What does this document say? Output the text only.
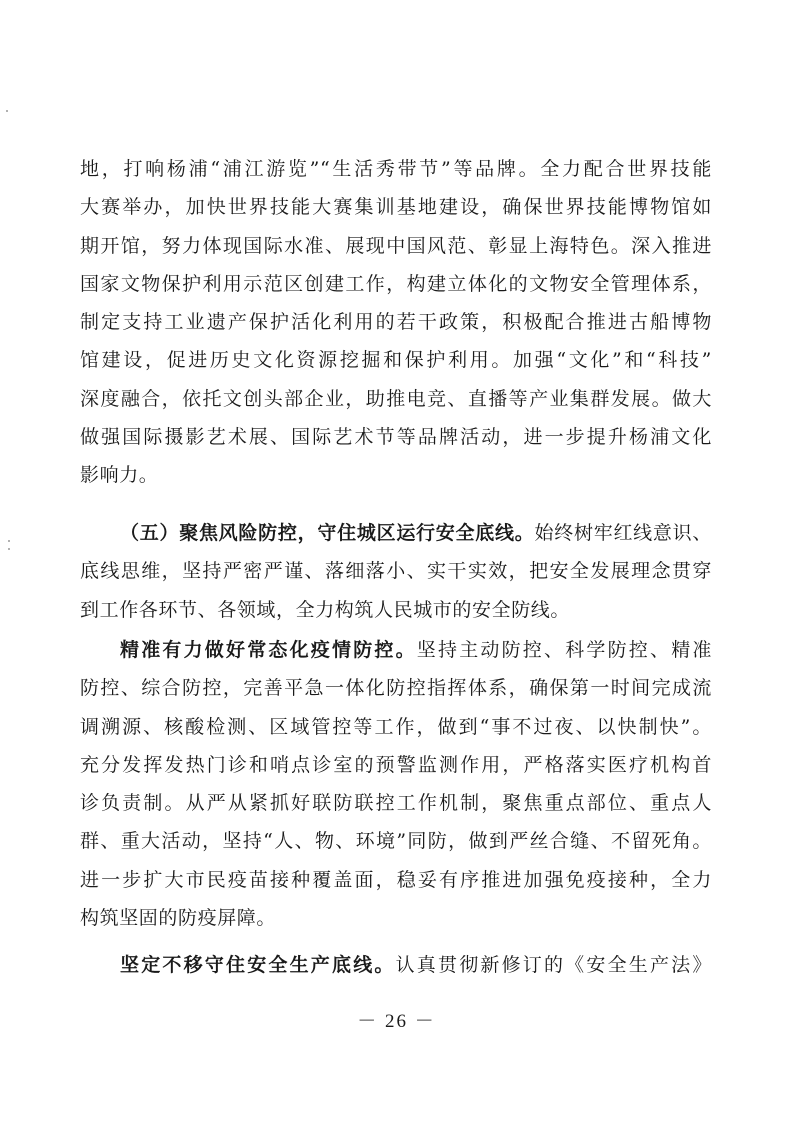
地，打响杨浦“浦江游览”“生活秀带节”等品牌。全力配合世界技能
大赛举办，加快世界技能大赛集训基地建设，确保世界技能博物馆如
期开馆，努力体现国际水准、展现中国风范、彰显上海特色。深入推进
国家文物保护利用示范区创建工作，构建立体化的文物安全管理体系，
制定支持工业遗产保护活化利用的若干政策，积极配合推进古船博物
馆建设，促进历史文化资源挖掘和保护利用。加强“文化”和“科技”
深度融合，依托文创头部企业，助推电竞、直播等产业集群发展。做大
做强国际摄影艺术展、国际艺术节等品牌活动，进一步提升杨浦文化
影响力。
（五）聚焦风险防控，守住城区运行安全底线。始终树牢红线意识、
底线思维，坚持严密严谨、落细落小、实干实效，把安全发展理念贯穿
到工作各环节、各领域，全力构筑人民城市的安全防线。
精准有力做好常态化疫情防控。坚持主动防控、科学防控、精准
防控、综合防控，完善平急一体化防控指挥体系，确保第一时间完成流
调溯源、核酸检测、区域管控等工作，做到“事不过夜、以快制快”。
充分发挥发热门诊和哨点诊室的预警监测作用，严格落实医疗机构首
诊负责制。从严从紧抓好联防联控工作机制，聚焦重点部位、重点人
群、重大活动，坚持“人、物、环境”同防，做到严丝合缝、不留死角。
进一步扩大市民疫苗接种覆盖面，稳妥有序推进加强免疫接种，全力
构筑坚固的防疫屏障。
坚定不移守住安全生产底线。认真贯彻新修订的《安全生产法》
－ 26 －
